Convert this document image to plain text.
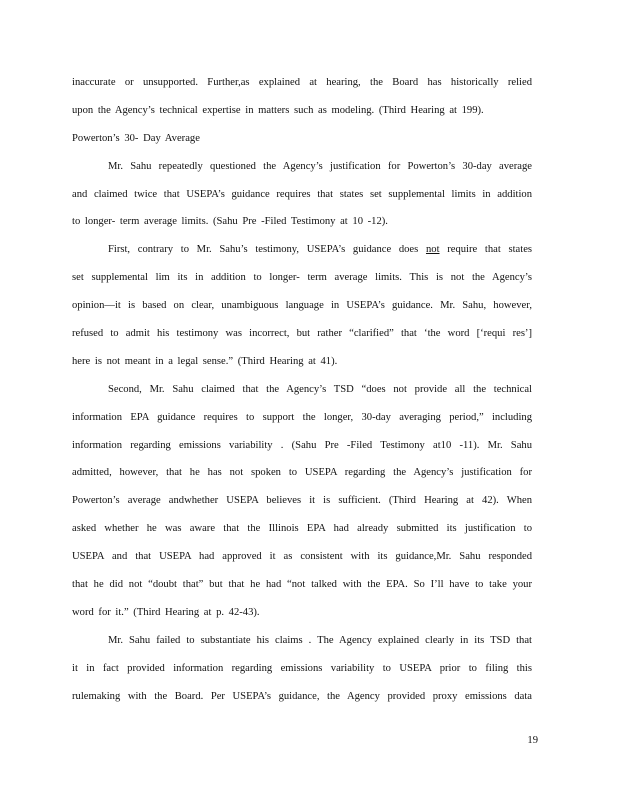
inaccurate or unsupported. Further,as explained at hearing, the Board has historically relied
upon the Agency’s technical expertise in matters such as modeling. (Third Hearing at 199).
Powerton’s 30- Day Average
Mr. Sahu repeatedly questioned the Agency’s justification for Powerton’s 30-day average
and claimed twice that USEPA’s guidance requires that states set supplemental limits in addition
to longer- term average limits. (Sahu Pre -Filed Testimony at 10 -12).
First, contrary to Mr. Sahu’s testimony, USEPA’s guidance does not require that states
set supplemental lim its in addition to longer- term average limits. This is not the Agency’s
opinion—it is based on clear, unambiguous language in USEPA’s guidance. Mr. Sahu, however,
refused to admit his testimony was incorrect, but rather “clarified” that ‘the word [‘requi res’]
here is not meant in a legal sense.” (Third Hearing at 41).
Second, Mr. Sahu claimed that the Agency’s TSD “does not provide all the technical
information EPA guidance requires to support the longer, 30-day averaging period,” including
information regarding emissions variability . (Sahu Pre -Filed Testimony at10 -11). Mr. Sahu
admitted, however, that he has not spoken to USEPA regarding the Agency’s justification for
Powerton’s average andwhether USEPA believes it is sufficient. (Third Hearing at 42). When
asked whether he was aware that the Illinois EPA had already submitted its justification to
USEPA and that USEPA had approved it as consistent with its guidance,Mr. Sahu responded
that he did not “doubt that” but that he had “not talked with the EPA. So I’ll have to take your
word for it.” (Third Hearing at p. 42-43).
Mr. Sahu failed to substantiate his claims . The Agency explained clearly in its TSD that
it in fact provided information regarding emissions variability to USEPA prior to filing this
rulemaking with the Board. Per USEPA’s guidance, the Agency provided proxy emissions data
19
